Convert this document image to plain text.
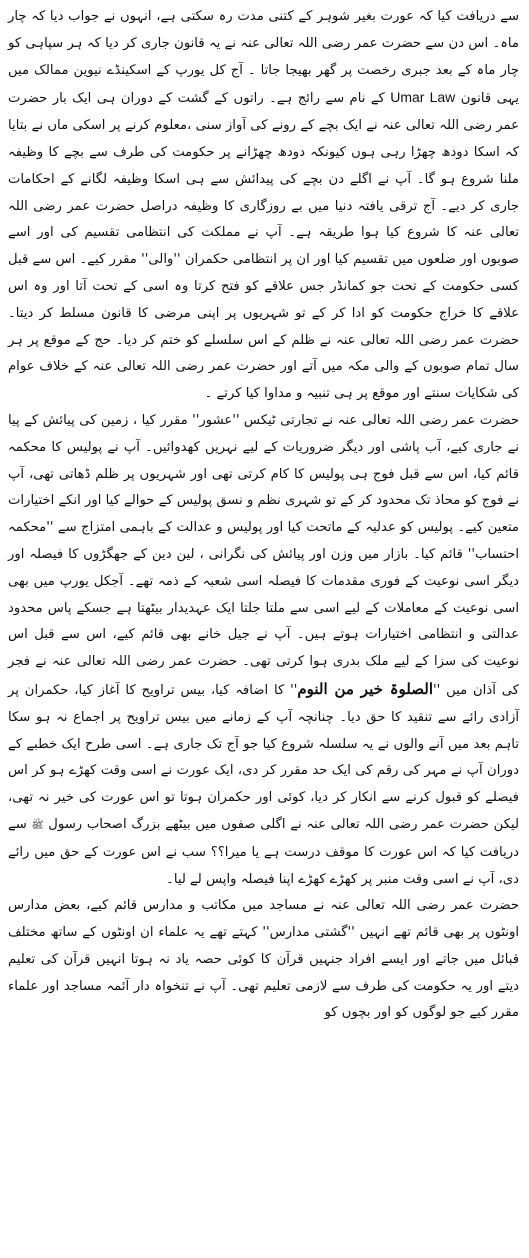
سے دریافت کیا کہ عورت بغیر شوہر کے کتنی مدت رہ سکتی ہے، انہوں نے جواب دیا کہ چار ماہ۔ اس دن سے حضرت عمر رضی اللہ تعالی عنہ نے یہ قانون جاری کر دیا کہ ہر سپاہی کو چار ماہ کے بعد جبری رخصت پر گھر بھیجا جاتا ۔ آج کل یورپ کے اسکینڈے نیوین ممالک میں یہی قانون Umar Law کے نام سے رائج ہے۔ راتوں کے گشت کے دوران ہی ایک بار حضرت عمر رضی اللہ تعالی عنہ نے ایک بچے کے رونے کی آواز سنی ،معلوم کرنے پر اسکی ماں نے بتایا کہ اسکا دودھ چھڑا رہی ہوں کیونکہ دودھ چھڑانے پر حکومت کی طرف سے بچے کا وظیفہ ملنا شروع ہو گا۔ آپ نے اگلے دن بچے کی پیدائش سے ہی اسکا وظیفہ لگانے کے احکامات جاری کر دیے۔ آج ترقی یافتہ دنیا میں بے روزگاری کا وظیفہ دراصل حضرت عمر رضی اللہ تعالی عنہ کا شروع کیا ہوا طریقہ ہے۔ آپ نے مملکت کی انتظامی تقسیم کی اور اسے صوبوں اور ضلعوں میں تقسیم کیا اور ان پر انتظامی حکمران ''والی'' مقرر کیے۔ اس سے قبل کسی حکومت کے تحت جو کمانڈر جس علاقے کو فتح کرتا وہ اسی کے تحت آتا اور وہ اس علاقے کا خراج حکومت کو ادا کر کے تو شہریوں پر اپنی مرضی کا قانون مسلط کر دیتا۔ حضرت عمر رضی اللہ تعالی عنہ نے ظلم کے اس سلسلے کو ختم کر دیا۔ حج کے موقع پر ہر سال تمام صوبوں کے والی مکہ میں آتے اور حضرت عمر رضی اللہ تعالی عنہ کے خلاف عوام کی شکایات سنتے اور موقع پر ہی تنبیہ و مداوا کیا کرتے ۔

حضرت عمر رضی اللہ تعالی عنہ نے تجارتی ٹیکس ''عشور'' مقرر کیا ، زمین کی پیائش کے پیا نے جاری کیے، آب پاشی اور دیگر ضروریات کے لیے نہریں کھدوائیں۔ آپ نے پولیس کا محکمہ قائم کیا، اس سے قبل فوج ہی پولیس کا کام کرتی تھی اور شہریوں پر ظلم ڈھاتی تھی، آپ نے فوج کو محاذ تک محدود کر کے تو شہری نظم و نسق پولیس کے حوالے کیا اور انکے اختیارات متعین کیے۔ پولیس کو عدلیہ کے ماتحت کیا اور پولیس و عدالت کے باہمی امتزاج سے ''محکمہ احتساب'' قائم کیا۔ بازار میں وزن اور پیائش کی نگرانی ، لین دین کے جھگڑوں کا فیصلہ اور دیگر اسی نوعیت کے فوری مقدمات کا فیصلہ اسی شعبہ کے ذمہ تھے۔ آجکل یورپ میں بھی اسی نوعیت کے معاملات کے لیے اسی سے ملتا جلتا ایک عہدیدار بیٹھتا ہے جسکے پاس محدود عدالتی و انتظامی اختیارات ہوتے ہیں۔ آپ نے جیل خانے بھی قائم کیے، اس سے قبل اس نوعیت کی سزا کے لیے ملک بدری ہوا کرتی تھی۔ حضرت عمر رضی اللہ تعالی عنہ نے فجر کی آذان میں ''الصلوۃ خیر من النوم'' کا اضافہ کیا، بیس تراویح کا آغاز کیا، حکمران پر آزادی رائے سے تنقید کا حق دیا۔ چنانچہ آپ کے زمانے میں بیس تراویح پر اجماع نہ ہو سکا تاہم بعد میں آنے والوں نے یہ سلسلہ شروع کیا جو آج تک جاری ہے۔ اسی طرح ایک خطبے کے دوران آپ نے مہر کی رقم کی ایک حد مقرر کر دی، ایک عورت نے اسی وقت کھڑے ہو کر اس فیصلے کو قبول کرنے سے انکار کر دیا، کوئی اور حکمران ہوتا تو اس عورت کی خیر نہ تھی، لیکن حضرت عمر رضی اللہ تعالی عنہ نے اگلی صفوں میں بیٹھے بزرگ اصحاب رسول ﷺ سے دریافت کیا کہ اس عورت کا موقف درست ہے یا میرا؟؟ سب نے اس عورت کے حق میں رائے دی، آپ نے اسی وقت منبر پر کھڑے کھڑے اپنا فیصلہ واپس لے لیا۔

حضرت عمر رضی اللہ تعالی عنہ نے مساجد میں مکاتب و مدارس قائم کیے، بعض مدارس اونٹوں پر بھی قائم تھے انہیں ''گشتی مدارس'' کہتے تھے یہ علماء ان اونٹوں کے ساتھ مختلف قبائل میں جاتے اور ایسے افراد جنہیں قرآن کا کوئی حصہ یاد نہ ہوتا انہیں قرآن کی تعلیم دیتے اور یہ حکومت کی طرف سے لازمی تعلیم تھی۔ آپ نے تنخواہ دار آئمہ مساجد اور علماء مقرر کیے جو لوگوں کو اور بچوں کو
